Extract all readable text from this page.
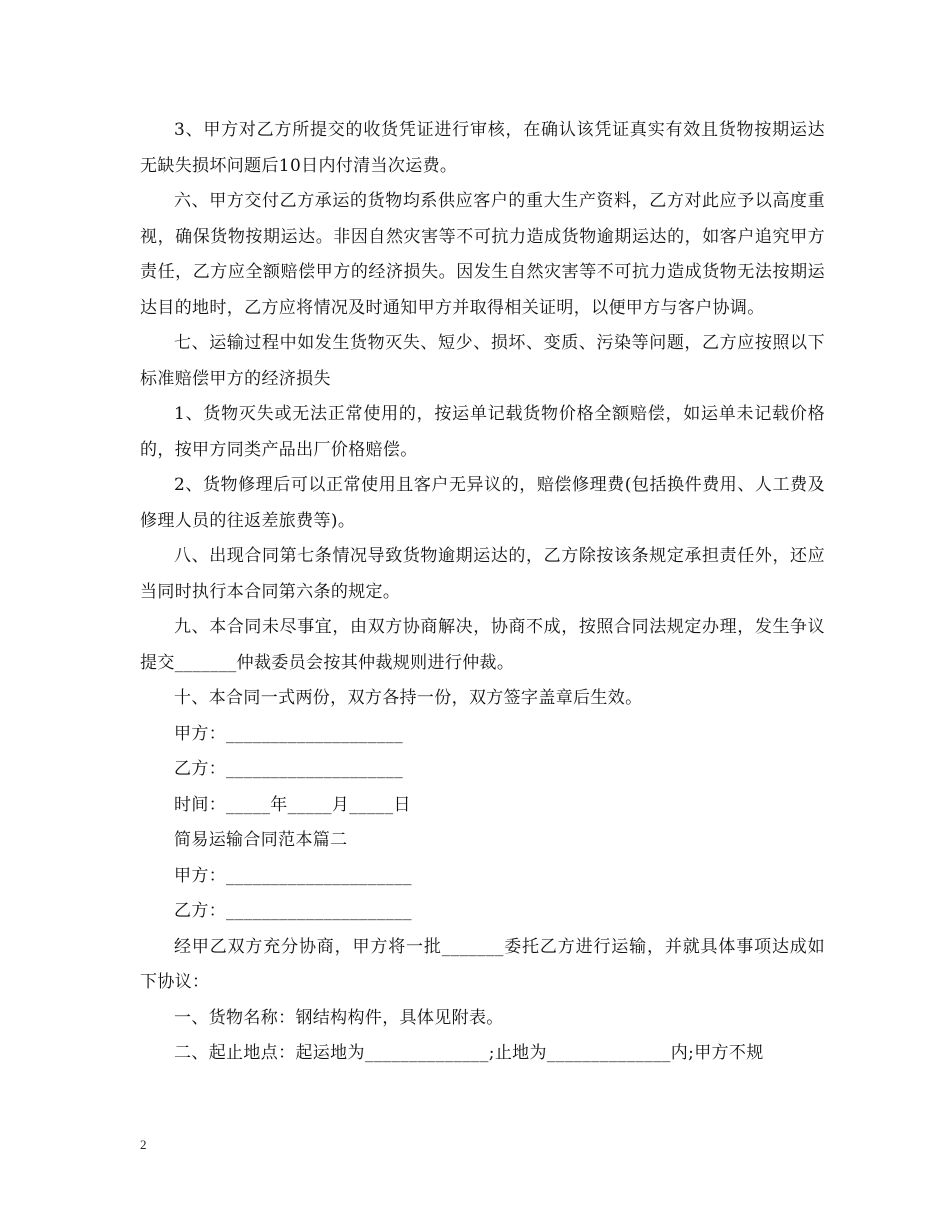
3、甲方对乙方所提交的收货凭证进行审核，在确认该凭证真实有效且货物按期运达无缺失损坏问题后10日内付清当次运费。

六、甲方交付乙方承运的货物均系供应客户的重大生产资料，乙方对此应予以高度重视，确保货物按期运达。非因自然灾害等不可抗力造成货物逾期运达的，如客户追究甲方责任，乙方应全额赔偿甲方的经济损失。因发生自然灾害等不可抗力造成货物无法按期运达目的地时，乙方应将情况及时通知甲方并取得相关证明，以便甲方与客户协调。

七、运输过程中如发生货物灭失、短少、损坏、变质、污染等问题，乙方应按照以下标准赔偿甲方的经济损失

1、货物灭失或无法正常使用的，按运单记载货物价格全额赔偿，如运单未记载价格的，按甲方同类产品出厂价格赔偿。

2、货物修理后可以正常使用且客户无异议的，赔偿修理费(包括换件费用、人工费及修理人员的往返差旅费等)。

八、出现合同第七条情况导致货物逾期运达的，乙方除按该条规定承担责任外，还应当同时执行本合同第六条的规定。

九、本合同未尽事宜，由双方协商解决，协商不成，按照合同法规定办理，发生争议提交_______仲裁委员会按其仲裁规则进行仲裁。

十、本合同一式两份，双方各持一份，双方签字盖章后生效。

甲方：____________________

乙方：____________________

时间：_____年_____月_____日

简易运输合同范本篇二

甲方：_____________________

乙方：_____________________

经甲乙双方充分协商，甲方将一批_______委托乙方进行运输，并就具体事项达成如下协议：

一、货物名称：钢结构构件，具体见附表。

二、起止地点：起运地为______________;止地为______________内;甲方不规

2
